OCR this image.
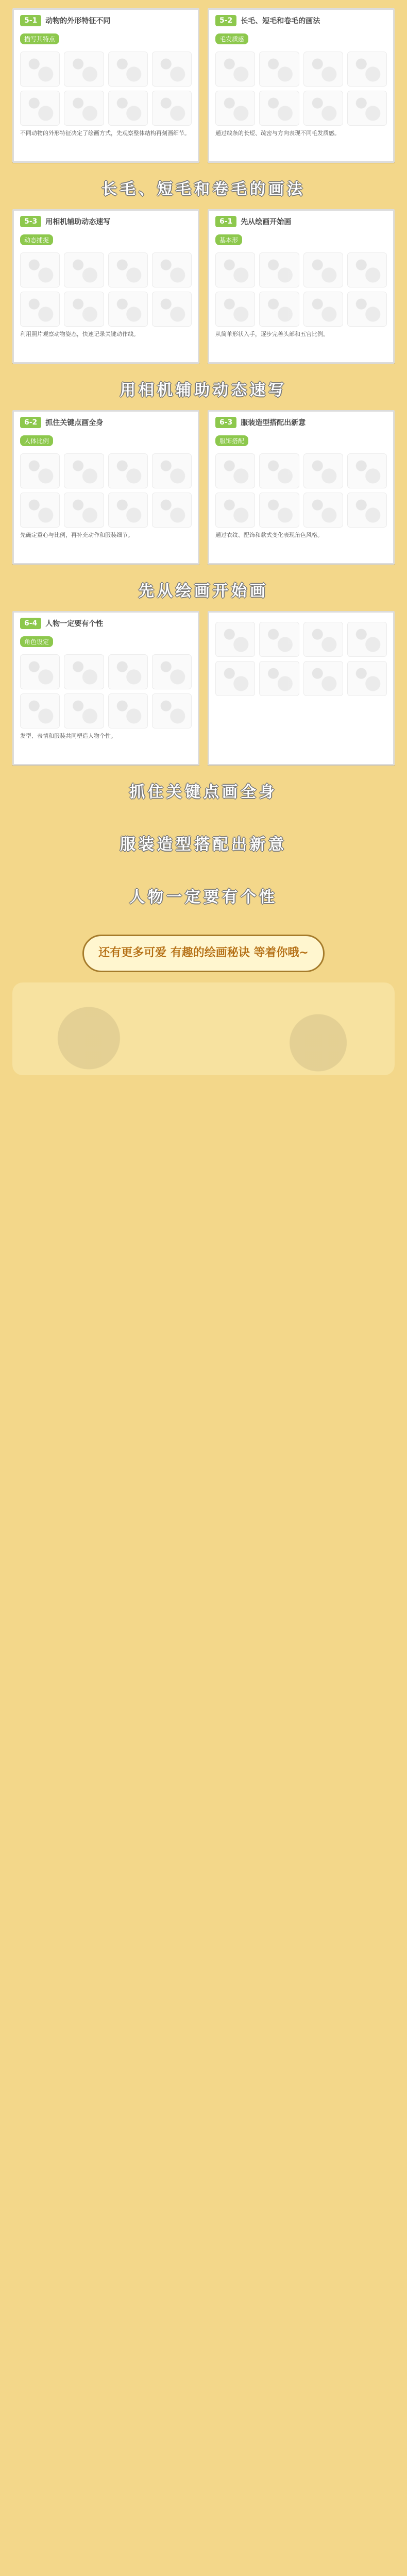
5-1	动物的外形特征不同
描写其特点
不同动物的外形特征决定了绘画方式，先观察整体结构再刻画细节。
5-2	长毛、短毛和卷毛的画法
毛发质感
通过线条的长短、疏密与方向表现不同毛发质感。
长毛、短毛和卷毛的画法
5-3	用相机辅助动态速写
动态捕捉
利用照片观察动物姿态，快速记录关键动作线。
6-1	先从绘画开始画
基本形
从简单形状入手，逐步完善头部和五官比例。
用相机辅助动态速写
6-2	抓住关键点画全身
人体比例
先确定重心与比例，再补充动作和服装细节。
6-3	服装造型搭配出新意
服饰搭配
通过衣纹、配饰和款式变化表现角色风格。
先从绘画开始画
6-4	人物一定要有个性
角色设定
发型、表情和服装共同塑造人物个性。
抓住关键点画全身
服装造型搭配出新意
人物一定要有个性
还有更多可爱 有趣的绘画秘诀 等着你哦~
